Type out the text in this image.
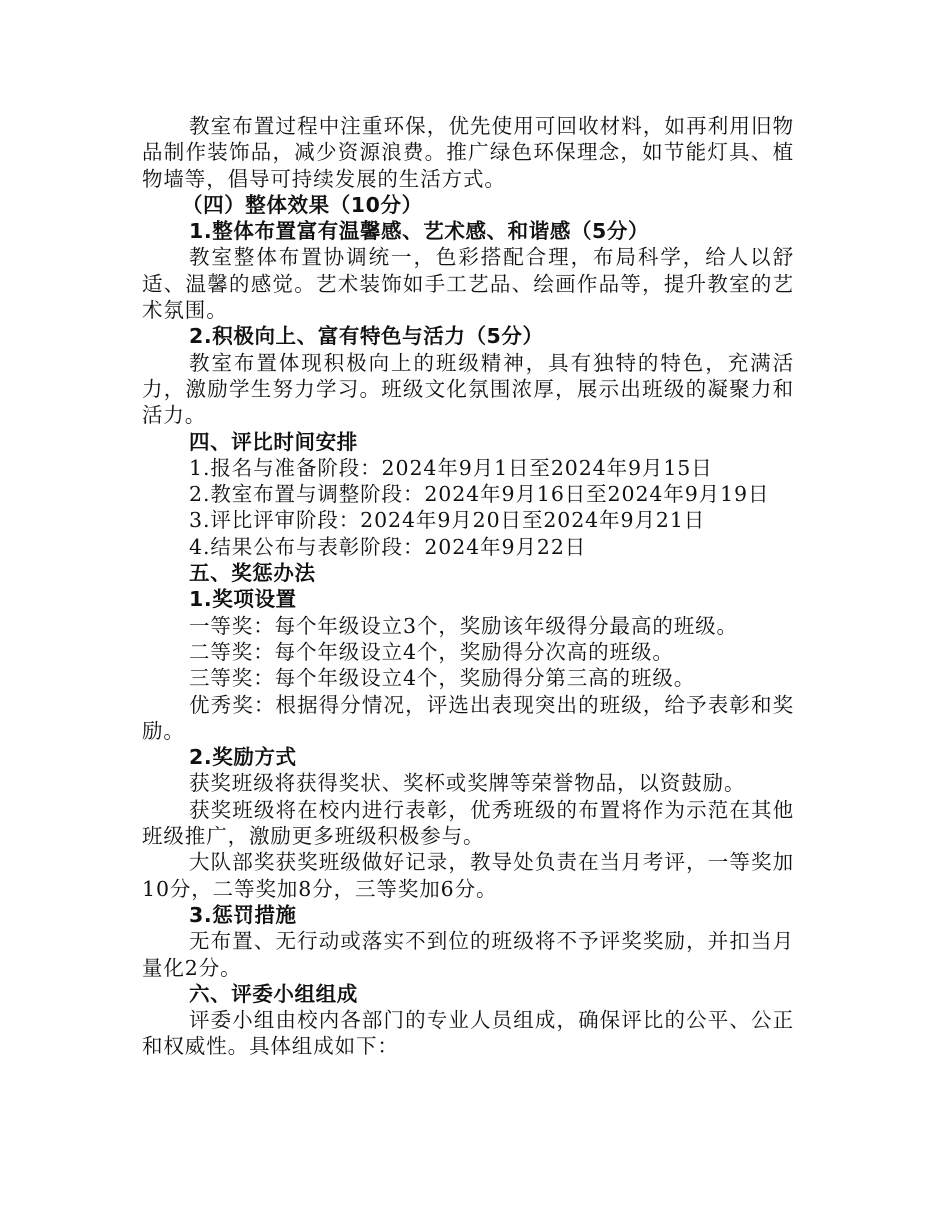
教室布置过程中注重环保，优先使用可回收材料，如再利用旧物品制作装饰品，减少资源浪费。推广绿色环保理念，如节能灯具、植物墙等，倡导可持续发展的生活方式。

（四）整体效果（10分）

1.整体布置富有温馨感、艺术感、和谐感（5分）

教室整体布置协调统一，色彩搭配合理，布局科学，给人以舒适、温馨的感觉。艺术装饰如手工艺品、绘画作品等，提升教室的艺术氛围。

2.积极向上、富有特色与活力（5分）

教室布置体现积极向上的班级精神，具有独特的特色，充满活力，激励学生努力学习。班级文化氛围浓厚，展示出班级的凝聚力和活力。

四、评比时间安排

1.报名与准备阶段：2024年9月1日至2024年9月15日

2.教室布置与调整阶段：2024年9月16日至2024年9月19日

3.评比评审阶段：2024年9月20日至2024年9月21日

4.结果公布与表彰阶段：2024年9月22日

五、奖惩办法

1.奖项设置

一等奖：每个年级设立3个，奖励该年级得分最高的班级。

二等奖：每个年级设立4个，奖励得分次高的班级。

三等奖：每个年级设立4个，奖励得分第三高的班级。

优秀奖：根据得分情况，评选出表现突出的班级，给予表彰和奖励。

2.奖励方式

获奖班级将获得奖状、奖杯或奖牌等荣誉物品，以资鼓励。

获奖班级将在校内进行表彰，优秀班级的布置将作为示范在其他班级推广，激励更多班级积极参与。

大队部奖获奖班级做好记录，教导处负责在当月考评，一等奖加10分，二等奖加8分，三等奖加6分。

3.惩罚措施

无布置、无行动或落实不到位的班级将不予评奖奖励，并扣当月量化2分。

六、评委小组组成

评委小组由校内各部门的专业人员组成，确保评比的公平、公正和权威性。具体组成如下：
